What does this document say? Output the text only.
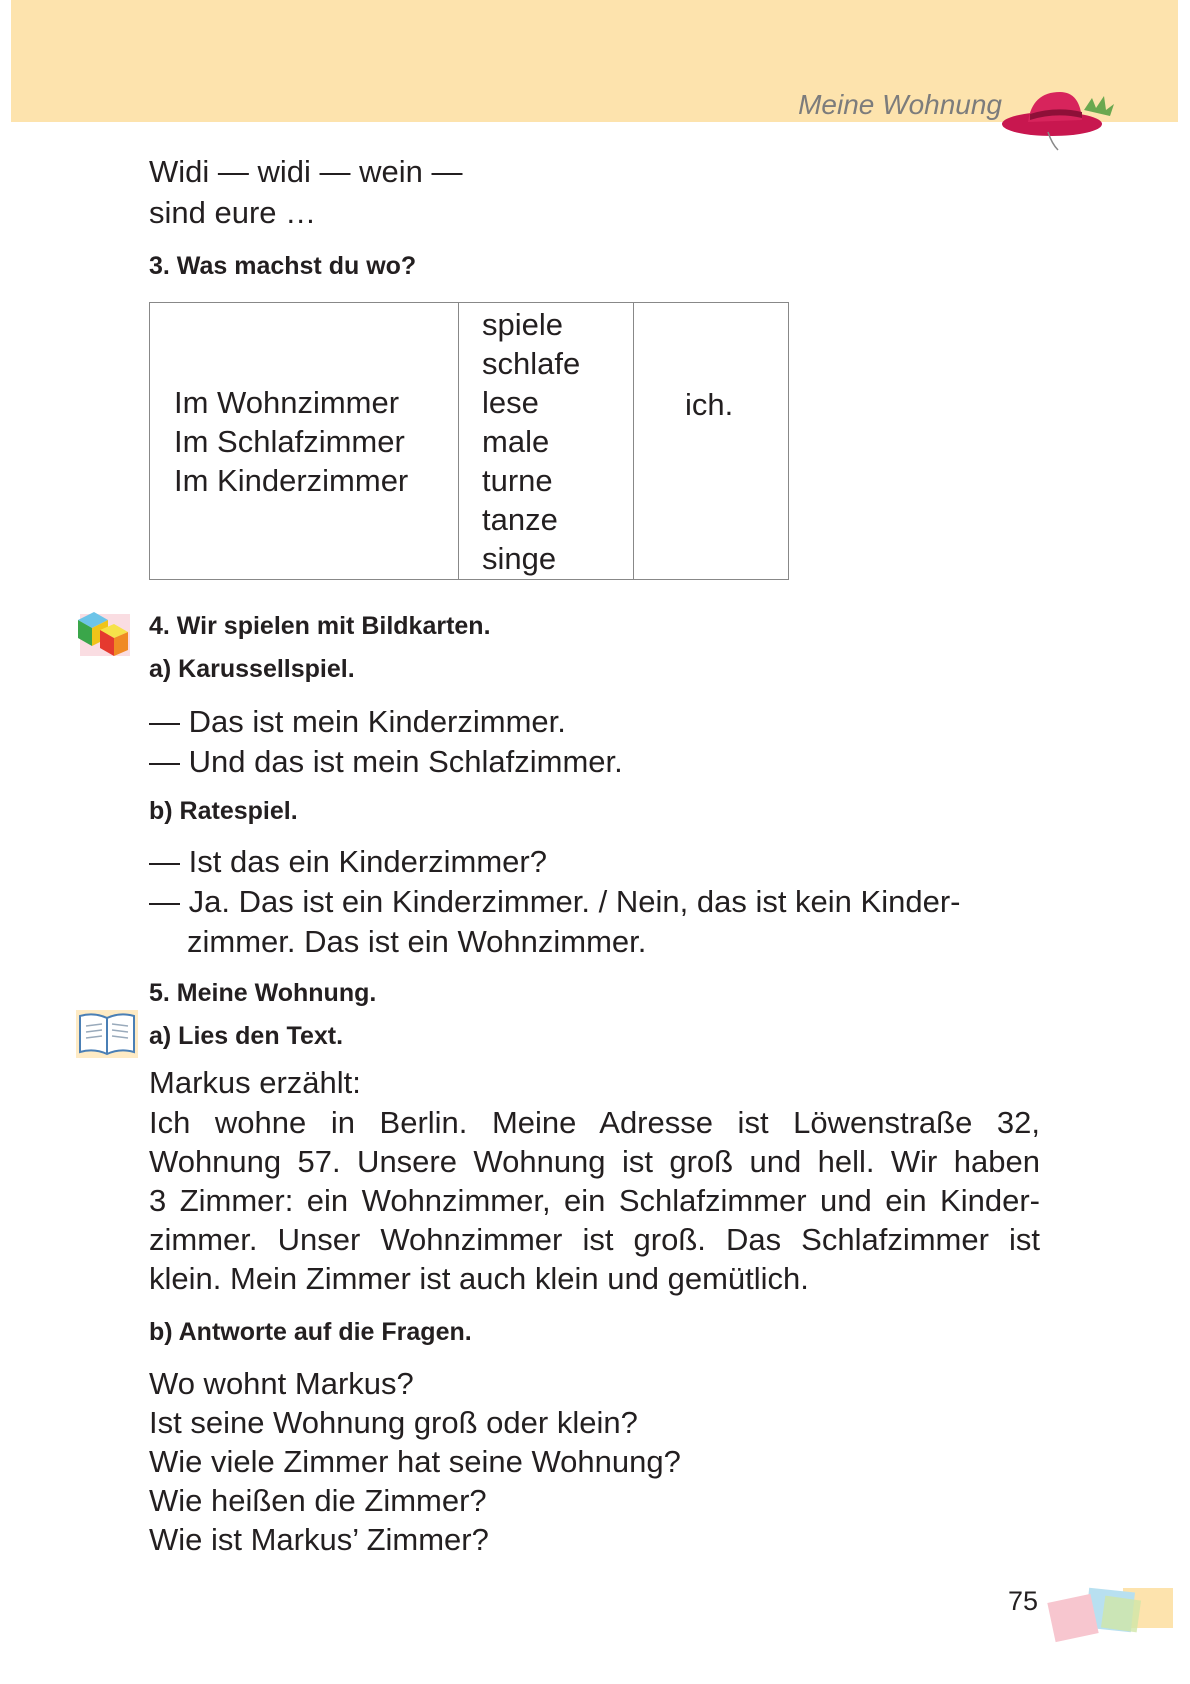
Meine Wohnung
Widi — widi — wein —
sind eure …
3. Was machst du wo?
Im Wohnzimmer
Im Schlafzimmer
Im Kinderzimmer
spiele
schlafe
lese
male
turne
tanze
singe
ich.
4. Wir spielen mit Bildkarten.
a) Karussellspiel.
— Das ist mein Kinderzimmer.
— Und das ist mein Schlafzimmer.
b) Ratespiel.
— Ist das ein Kinderzimmer?
— Ja. Das ist ein Kinderzimmer. / Nein, das ist kein Kinder-
zimmer. Das ist ein Wohnzimmer.
5. Meine Wohnung.
a) Lies den Text.
Markus erzählt:
Ich wohne in Berlin. Meine Adresse ist Löwenstraße 32,
Wohnung 57. Unsere Wohnung ist groß und hell. Wir haben
3 Zimmer: ein Wohnzimmer, ein Schlafzimmer und ein Kinder-
zimmer. Unser Wohnzimmer ist groß. Das Schlafzimmer ist
klein. Mein Zimmer ist auch klein und gemütlich.
b) Antworte auf die Fragen.
Wo wohnt Markus?
Ist seine Wohnung groß oder klein?
Wie viele Zimmer hat seine Wohnung?
Wie heißen die Zimmer?
Wie ist Markus’ Zimmer?
75
